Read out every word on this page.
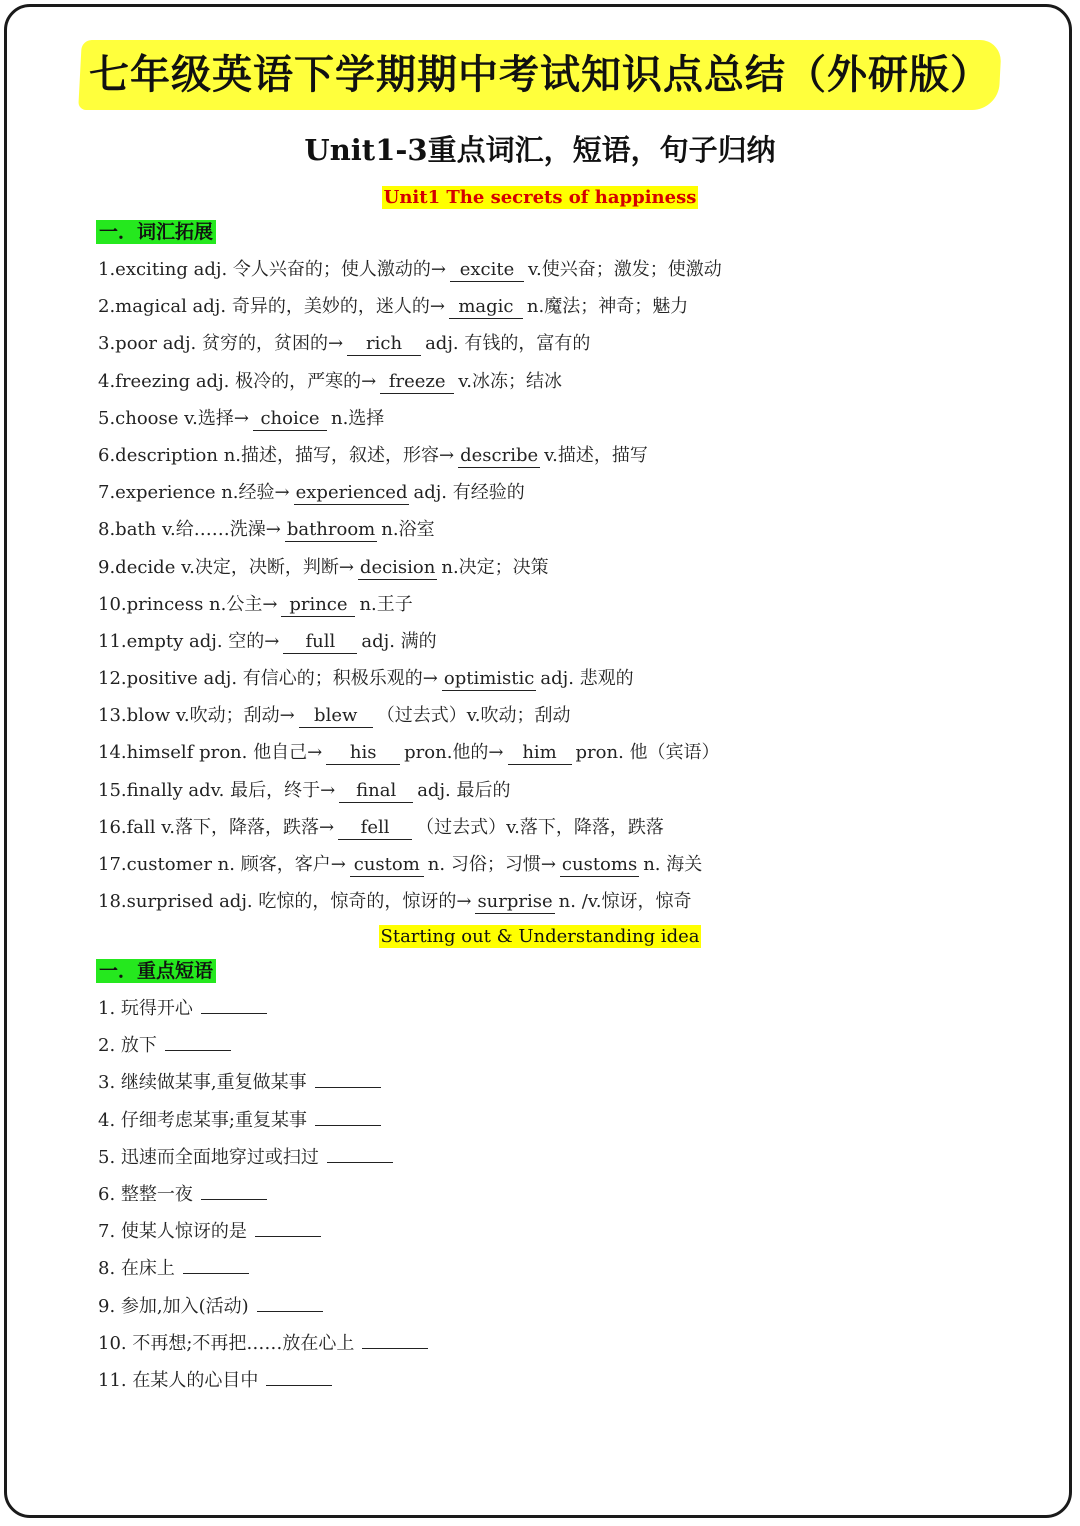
七年级英语下学期期中考试知识点总结（外研版）
Unit1-3重点词汇，短语，句子归纳
Unit1 The secrets of happiness
一．词汇拓展
1.exciting adj. 令人兴奋的；使人激动的→ excite v.使兴奋；激发；使激动
2.magical adj. 奇异的，美妙的，迷人的→ magic n.魔法；神奇；魅力
3.poor adj. 贫穷的，贫困的→ rich adj. 有钱的，富有的
4.freezing adj. 极冷的，严寒的→ freeze v.冰冻；结冰
5.choose v.选择→ choice n.选择
6.description n.描述，描写，叙述，形容→ describe v.描述，描写
7.experience n.经验→ experienced adj. 有经验的
8.bath v.给……洗澡→ bathroom n.浴室
9.decide v.决定，决断，判断→ decision n.决定；决策
10.princess n.公主→ prince n.王子
11.empty adj. 空的→ full adj. 满的
12.positive adj. 有信心的；积极乐观的→ optimistic adj. 悲观的
13.blow v.吹动；刮动→ blew （过去式）v.吹动；刮动
14.himself pron. 他自己→ his pron.他的→ him pron. 他（宾语）
15.finally adv. 最后，终于→ final adj. 最后的
16.fall v.落下，降落，跌落→ fell （过去式）v.落下，降落，跌落
17.customer n. 顾客，客户→ custom n. 习俗；习惯→ customs n. 海关
18.surprised adj. 吃惊的，惊奇的，惊讶的→ surprise n. /v.惊讶，惊奇
Starting out & Understanding idea
一．重点短语
1. 玩得开心
2. 放下
3. 继续做某事,重复做某事
4. 仔细考虑某事;重复某事
5. 迅速而全面地穿过或扫过
6. 整整一夜
7. 使某人惊讶的是
8. 在床上
9. 参加,加入(活动)
10. 不再想;不再把……放在心上
11. 在某人的心目中
